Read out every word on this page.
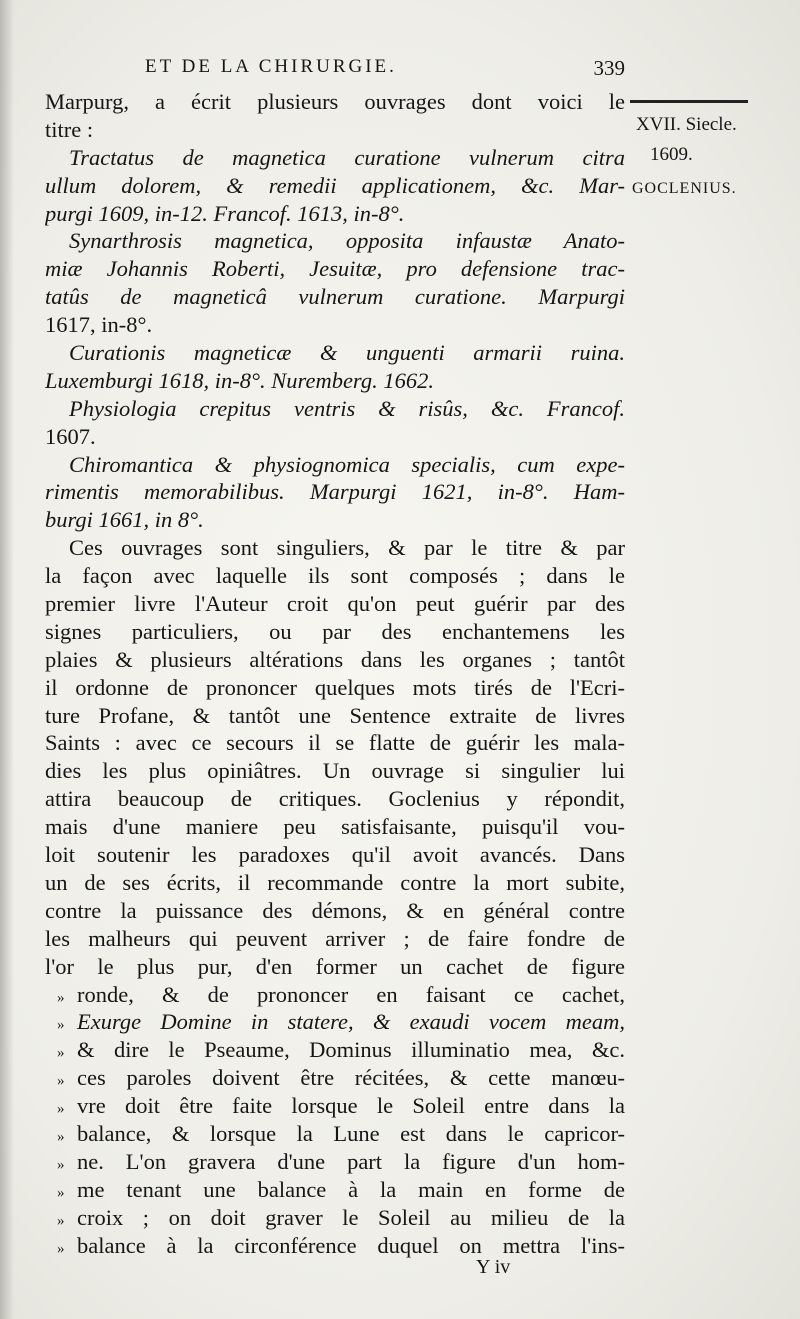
ET DE LA CHIRURGIE.	339
Marpurg, a écrit plusieurs ouvrages dont voici le
titre :
Tractatus de magnetica curatione vulnerum citra
ullum dolorem, & remedii applicationem, &c. Mar-
purgi 1609, in-12. Francof. 1613, in-8°.
Synarthrosis magnetica, opposita infaustæ Anato-
miæ Johannis Roberti, Jesuitæ, pro defensione trac-
tatûs de magneticâ vulnerum curatione. Marpurgi
1617, in-8°.
Curationis magneticæ & unguenti armarii ruina.
Luxemburgi 1618, in-8°. Nuremberg. 1662.
Physiologia crepitus ventris & risûs, &c. Francof.
1607.
Chiromantica & physiognomica specialis, cum expe-
rimentis memorabilibus. Marpurgi 1621, in-8°. Ham-
burgi 1661, in 8°.
Ces ouvrages sont singuliers, & par le titre & par
la façon avec laquelle ils sont composés ; dans le
premier livre l'Auteur croit qu'on peut guérir par des
signes particuliers, ou par des enchantemens les
plaies & plusieurs altérations dans les organes ; tantôt
il ordonne de prononcer quelques mots tirés de l'Ecri-
ture Profane, & tantôt une Sentence extraite de livres
Saints : avec ce secours il se flatte de guérir les mala-
dies les plus opiniâtres. Un ouvrage si singulier lui
attira beaucoup de critiques. Goclenius y répondit,
mais d'une maniere peu satisfaisante, puisqu'il vou-
loit soutenir les paradoxes qu'il avoit avancés. Dans
un de ses écrits, il recommande contre la mort subite,
contre la puissance des démons, & en général contre
les malheurs qui peuvent arriver ; de faire fondre de
l'or le plus pur, d'en former un cachet de figure
» ronde, & de prononcer en faisant ce cachet,
» Exurge Domine in statere, & exaudi vocem meam,
» & dire le Pseaume, Dominus illuminatio mea, &c.
» ces paroles doivent être récitées, & cette manœu-
» vre doit être faite lorsque le Soleil entre dans la
» balance, & lorsque la Lune est dans le capricor-
» ne. L'on gravera d'une part la figure d'un hom-
» me tenant une balance à la main en forme de
» croix ; on doit graver le Soleil au milieu de la
» balance à la circonférence duquel on mettra l'ins-
XVII. Siecle.
1609.
GOCLENIUS.
Y iv
